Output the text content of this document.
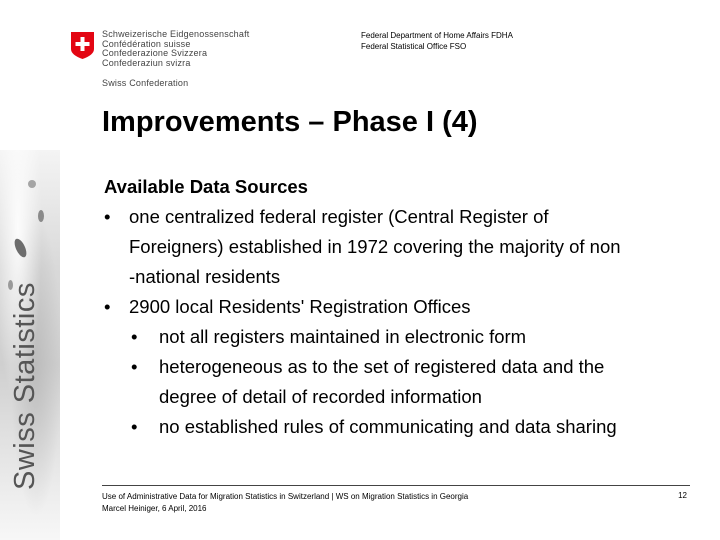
Schweizerische Eidgenossenschaft
Confédération suisse
Confederazione Svizzera
Confederaziun svizra
Swiss Confederation
Federal Department of Home Affairs FDHA
Federal Statistical Office FSO
Swiss Statistics
Improvements – Phase I (4)
Available Data Sources
• one centralized federal register (Central Register of
Foreigners) established in 1972 covering the majority of non
-national residents
• 2900 local Residents' Registration Offices
• not all registers maintained in electronic form
• heterogeneous as to the set of registered data and the
degree of detail of recorded information
• no established rules of communicating and data sharing
Use of Administrative Data for Migration Statistics in Switzerland | WS on Migration Statistics in Georgia
Marcel Heiniger, 6 April, 2016
12
